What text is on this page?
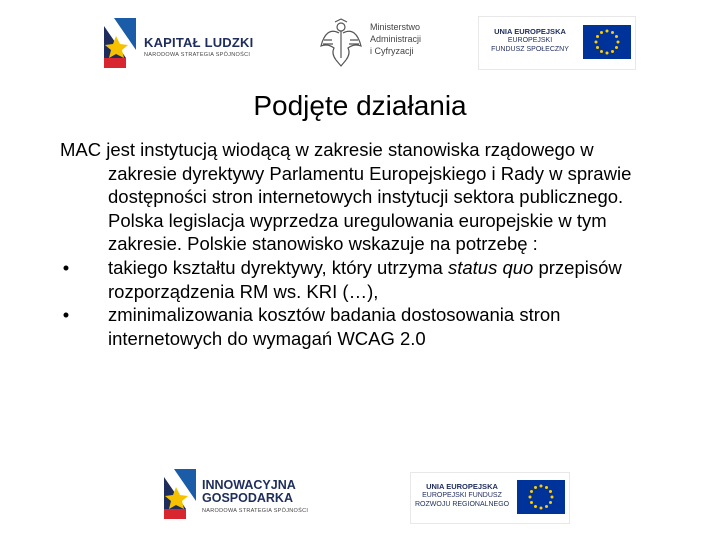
KAPITAŁ LUDZKI
NARODOWA STRATEGIA SPÓJNOŚCI
Ministerstwo
Administracji
i Cyfryzacji
UNIA EUROPEJSKA
EUROPEJSKI
FUNDUSZ SPOŁECZNY
Podjęte działania

MAC jest instytucją wiodącą w zakresie stanowiska rządowego w zakresie dyrektywy Parlamentu Europejskiego i Rady w sprawie dostępności stron internetowych instytucji sektora publicznego. Polska legislacja wyprzedza uregulowania europejskie w tym zakresie. Polskie stanowisko wskazuje na potrzebę :

• takiego kształtu dyrektywy, który utrzyma status quo przepisów rozporządzenia RM ws. KRI (…),
• zminimalizowania kosztów badania dostosowania stron internetowych do wymagań WCAG 2.0
INNOWACYJNA
GOSPODARKA
NARODOWA STRATEGIA SPÓJNOŚCI
UNIA EUROPEJSKA
EUROPEJSKI FUNDUSZ
ROZWOJU REGIONALNEGO
